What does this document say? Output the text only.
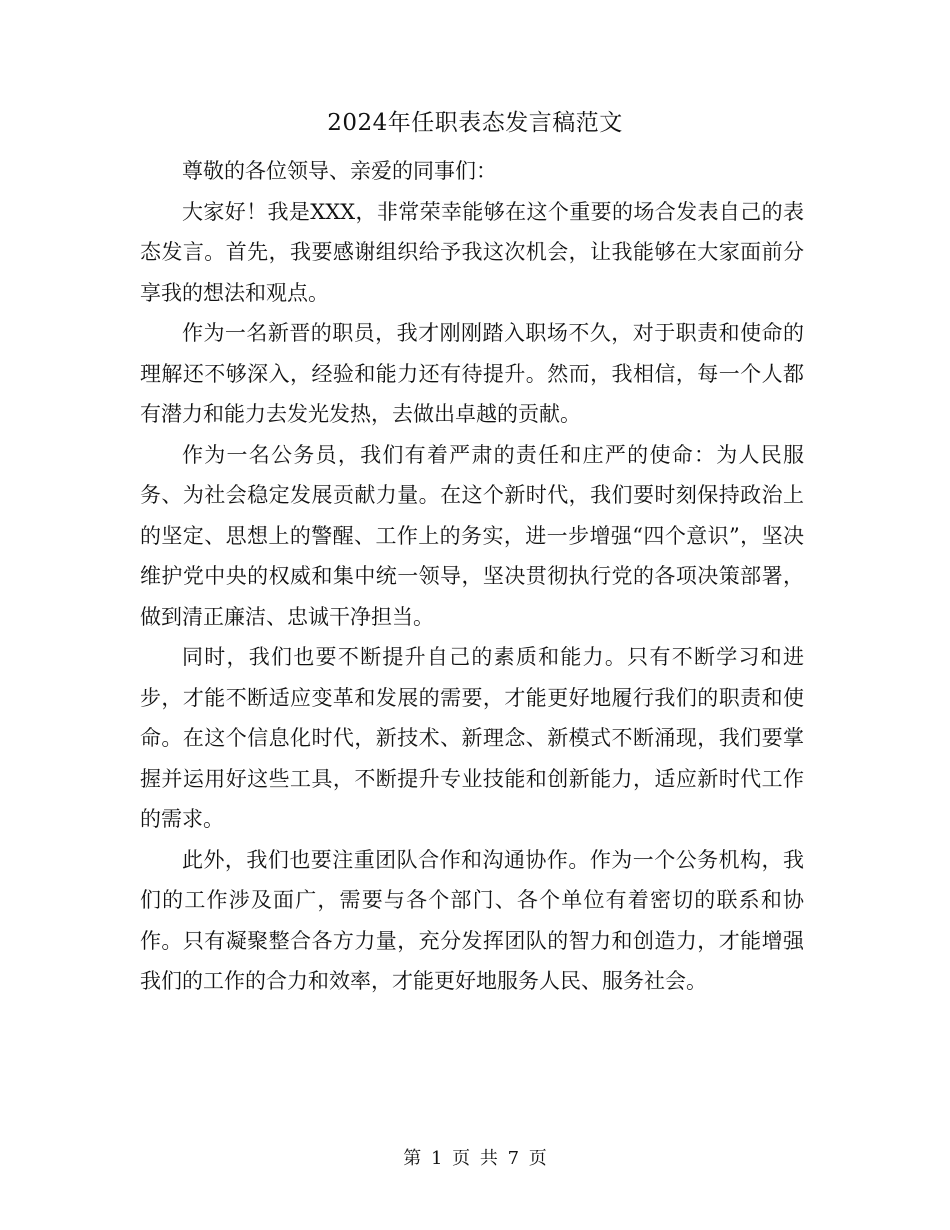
2024年任职表态发言稿范文

尊敬的各位领导、亲爱的同事们：

大家好！我是XXX，非常荣幸能够在这个重要的场合发表自己的表态发言。首先，我要感谢组织给予我这次机会，让我能够在大家面前分享我的想法和观点。

作为一名新晋的职员，我才刚刚踏入职场不久，对于职责和使命的理解还不够深入，经验和能力还有待提升。然而，我相信，每一个人都有潜力和能力去发光发热，去做出卓越的贡献。

作为一名公务员，我们有着严肃的责任和庄严的使命：为人民服务、为社会稳定发展贡献力量。在这个新时代，我们要时刻保持政治上的坚定、思想上的警醒、工作上的务实，进一步增强“四个意识”，坚决维护党中央的权威和集中统一领导，坚决贯彻执行党的各项决策部署，做到清正廉洁、忠诚干净担当。

同时，我们也要不断提升自己的素质和能力。只有不断学习和进步，才能不断适应变革和发展的需要，才能更好地履行我们的职责和使命。在这个信息化时代，新技术、新理念、新模式不断涌现，我们要掌握并运用好这些工具，不断提升专业技能和创新能力，适应新时代工作的需求。

此外，我们也要注重团队合作和沟通协作。作为一个公务机构，我们的工作涉及面广，需要与各个部门、各个单位有着密切的联系和协作。只有凝聚整合各方力量，充分发挥团队的智力和创造力，才能增强我们的工作的合力和效率，才能更好地服务人民、服务社会。

第 1 页 共 7 页
